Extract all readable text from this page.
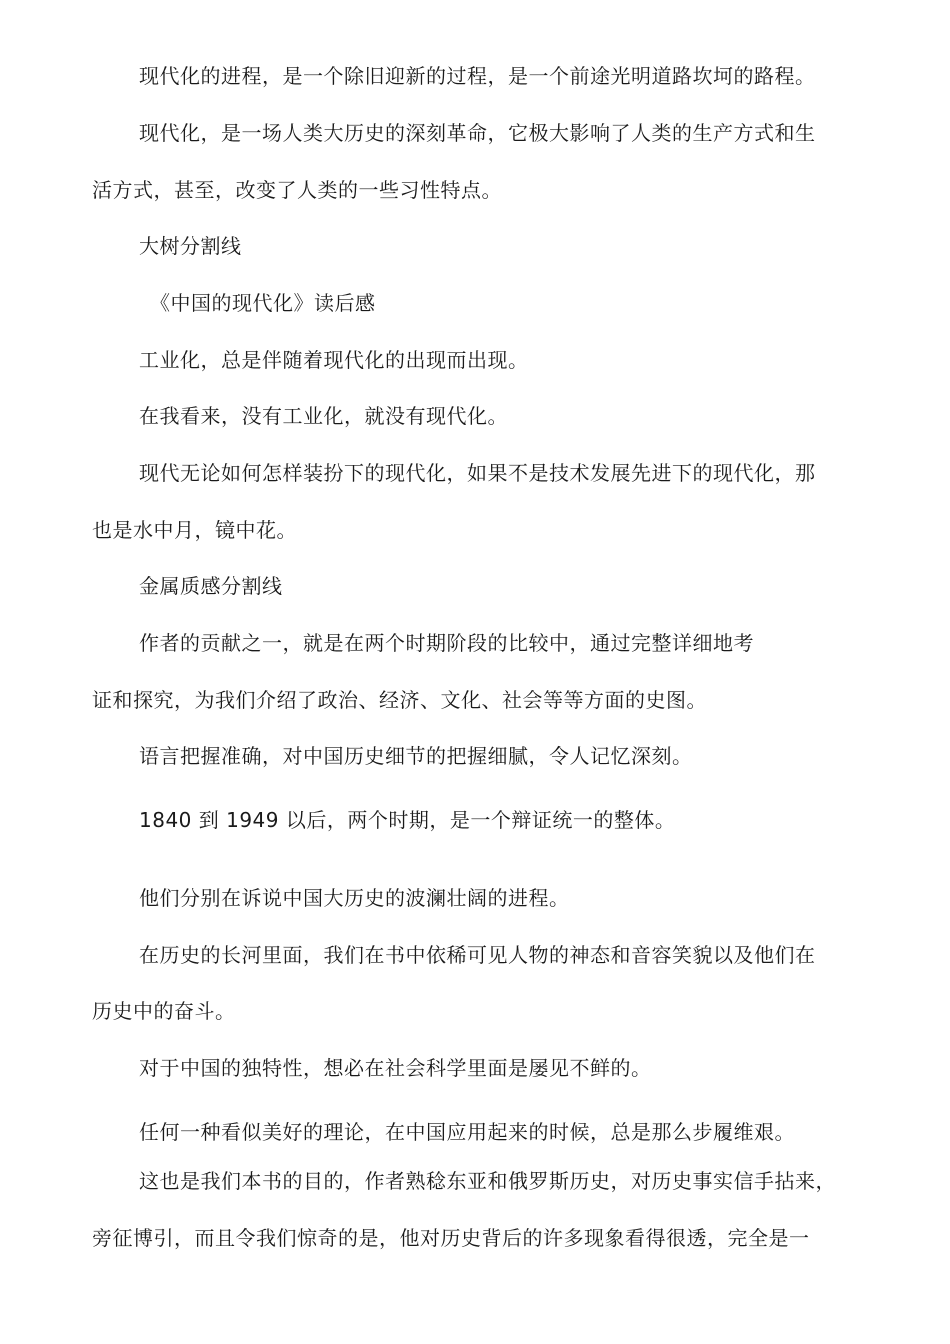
现代化的进程，是一个除旧迎新的过程，是一个前途光明道路坎坷的路程。
现代化，是一场人类大历史的深刻革命，它极大影响了人类的生产方式和生
活方式，甚至，改变了人类的一些习性特点。
大树分割线
《中国的现代化》读后感
工业化，总是伴随着现代化的出现而出现。
在我看来，没有工业化，就没有现代化。
现代无论如何怎样装扮下的现代化，如果不是技术发展先进下的现代化，那
也是水中月，镜中花。
金属质感分割线
作者的贡献之一，就是在两个时期阶段的比较中，通过完整详细地考
证和探究，为我们介绍了政治、经济、文化、社会等等方面的史图。
语言把握准确，对中国历史细节的把握细腻，令人记忆深刻。
1840 到 1949 以后，两个时期，是一个辩证统一的整体。
他们分别在诉说中国大历史的波澜壮阔的进程。
在历史的长河里面，我们在书中依稀可见人物的神态和音容笑貌以及他们在
历史中的奋斗。
对于中国的独特性，想必在社会科学里面是屡见不鲜的。
任何一种看似美好的理论，在中国应用起来的时候，总是那么步履维艰。
这也是我们本书的目的，作者熟稔东亚和俄罗斯历史，对历史事实信手拈来，
旁征博引，而且令我们惊奇的是，他对历史背后的许多现象看得很透，完全是一
